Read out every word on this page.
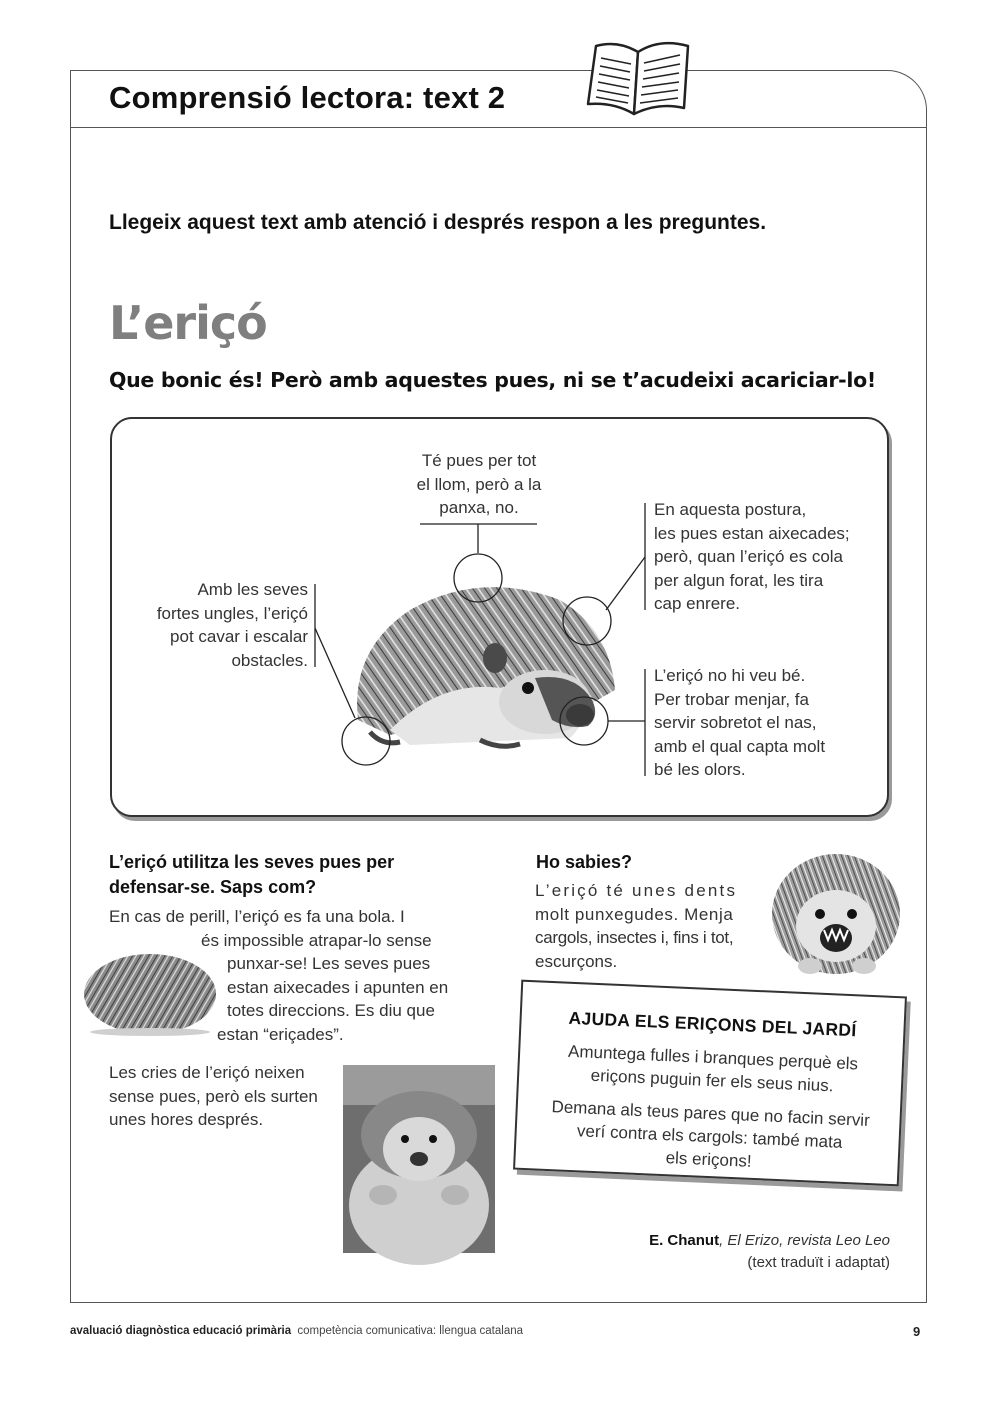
Comprensió lectora: text 2
Llegeix aquest text amb atenció i després respon a les preguntes.
L’eriçó
Que bonic és! Però amb aquestes pues, ni se t’acudeixi acariciar-lo!
Té pues per tot
el llom, però a la
panxa, no.	En aquesta postura,
les pues estan aixecades;
però, quan l’eriçó es cola
per algun forat, les tira
cap enrere.
Amb les seves
fortes ungles, l’eriçó
pot cavar i escalar
obstacles.
L’eriçó no hi veu bé.
Per trobar menjar, fa
servir sobretot el nas,
amb el qual capta molt
bé les olors.
L’eriçó utilitza les seves pues per
defensar-se. Saps com?
En cas de perill, l’eriçó es fa una bola. I
és impossible atrapar-lo sense
punxar-se! Les seves pues
estan aixecades i apunten en
totes direccions. Es diu que
estan “eriçades”.
Les cries de l’eriçó neixen
sense pues, però els surten
unes hores després.
Ho sabies?
L’eriçó té unes dents
molt punxegudes. Menja
cargols, insectes i, fins i tot,
escurçons.
AJUDA ELS ERIÇONS DEL JARDÍ
Amuntega fulles i branques perquè els
eriçons puguin fer els seus nius.
Demana als teus pares que no facin servir
verí contra els cargols: també mata
els eriçons!
E. Chanut, El Erizo, revista Leo Leo
(text traduït i adaptat)
avaluació diagnòstica educació primària competència comunicativa: llengua catalana	9
